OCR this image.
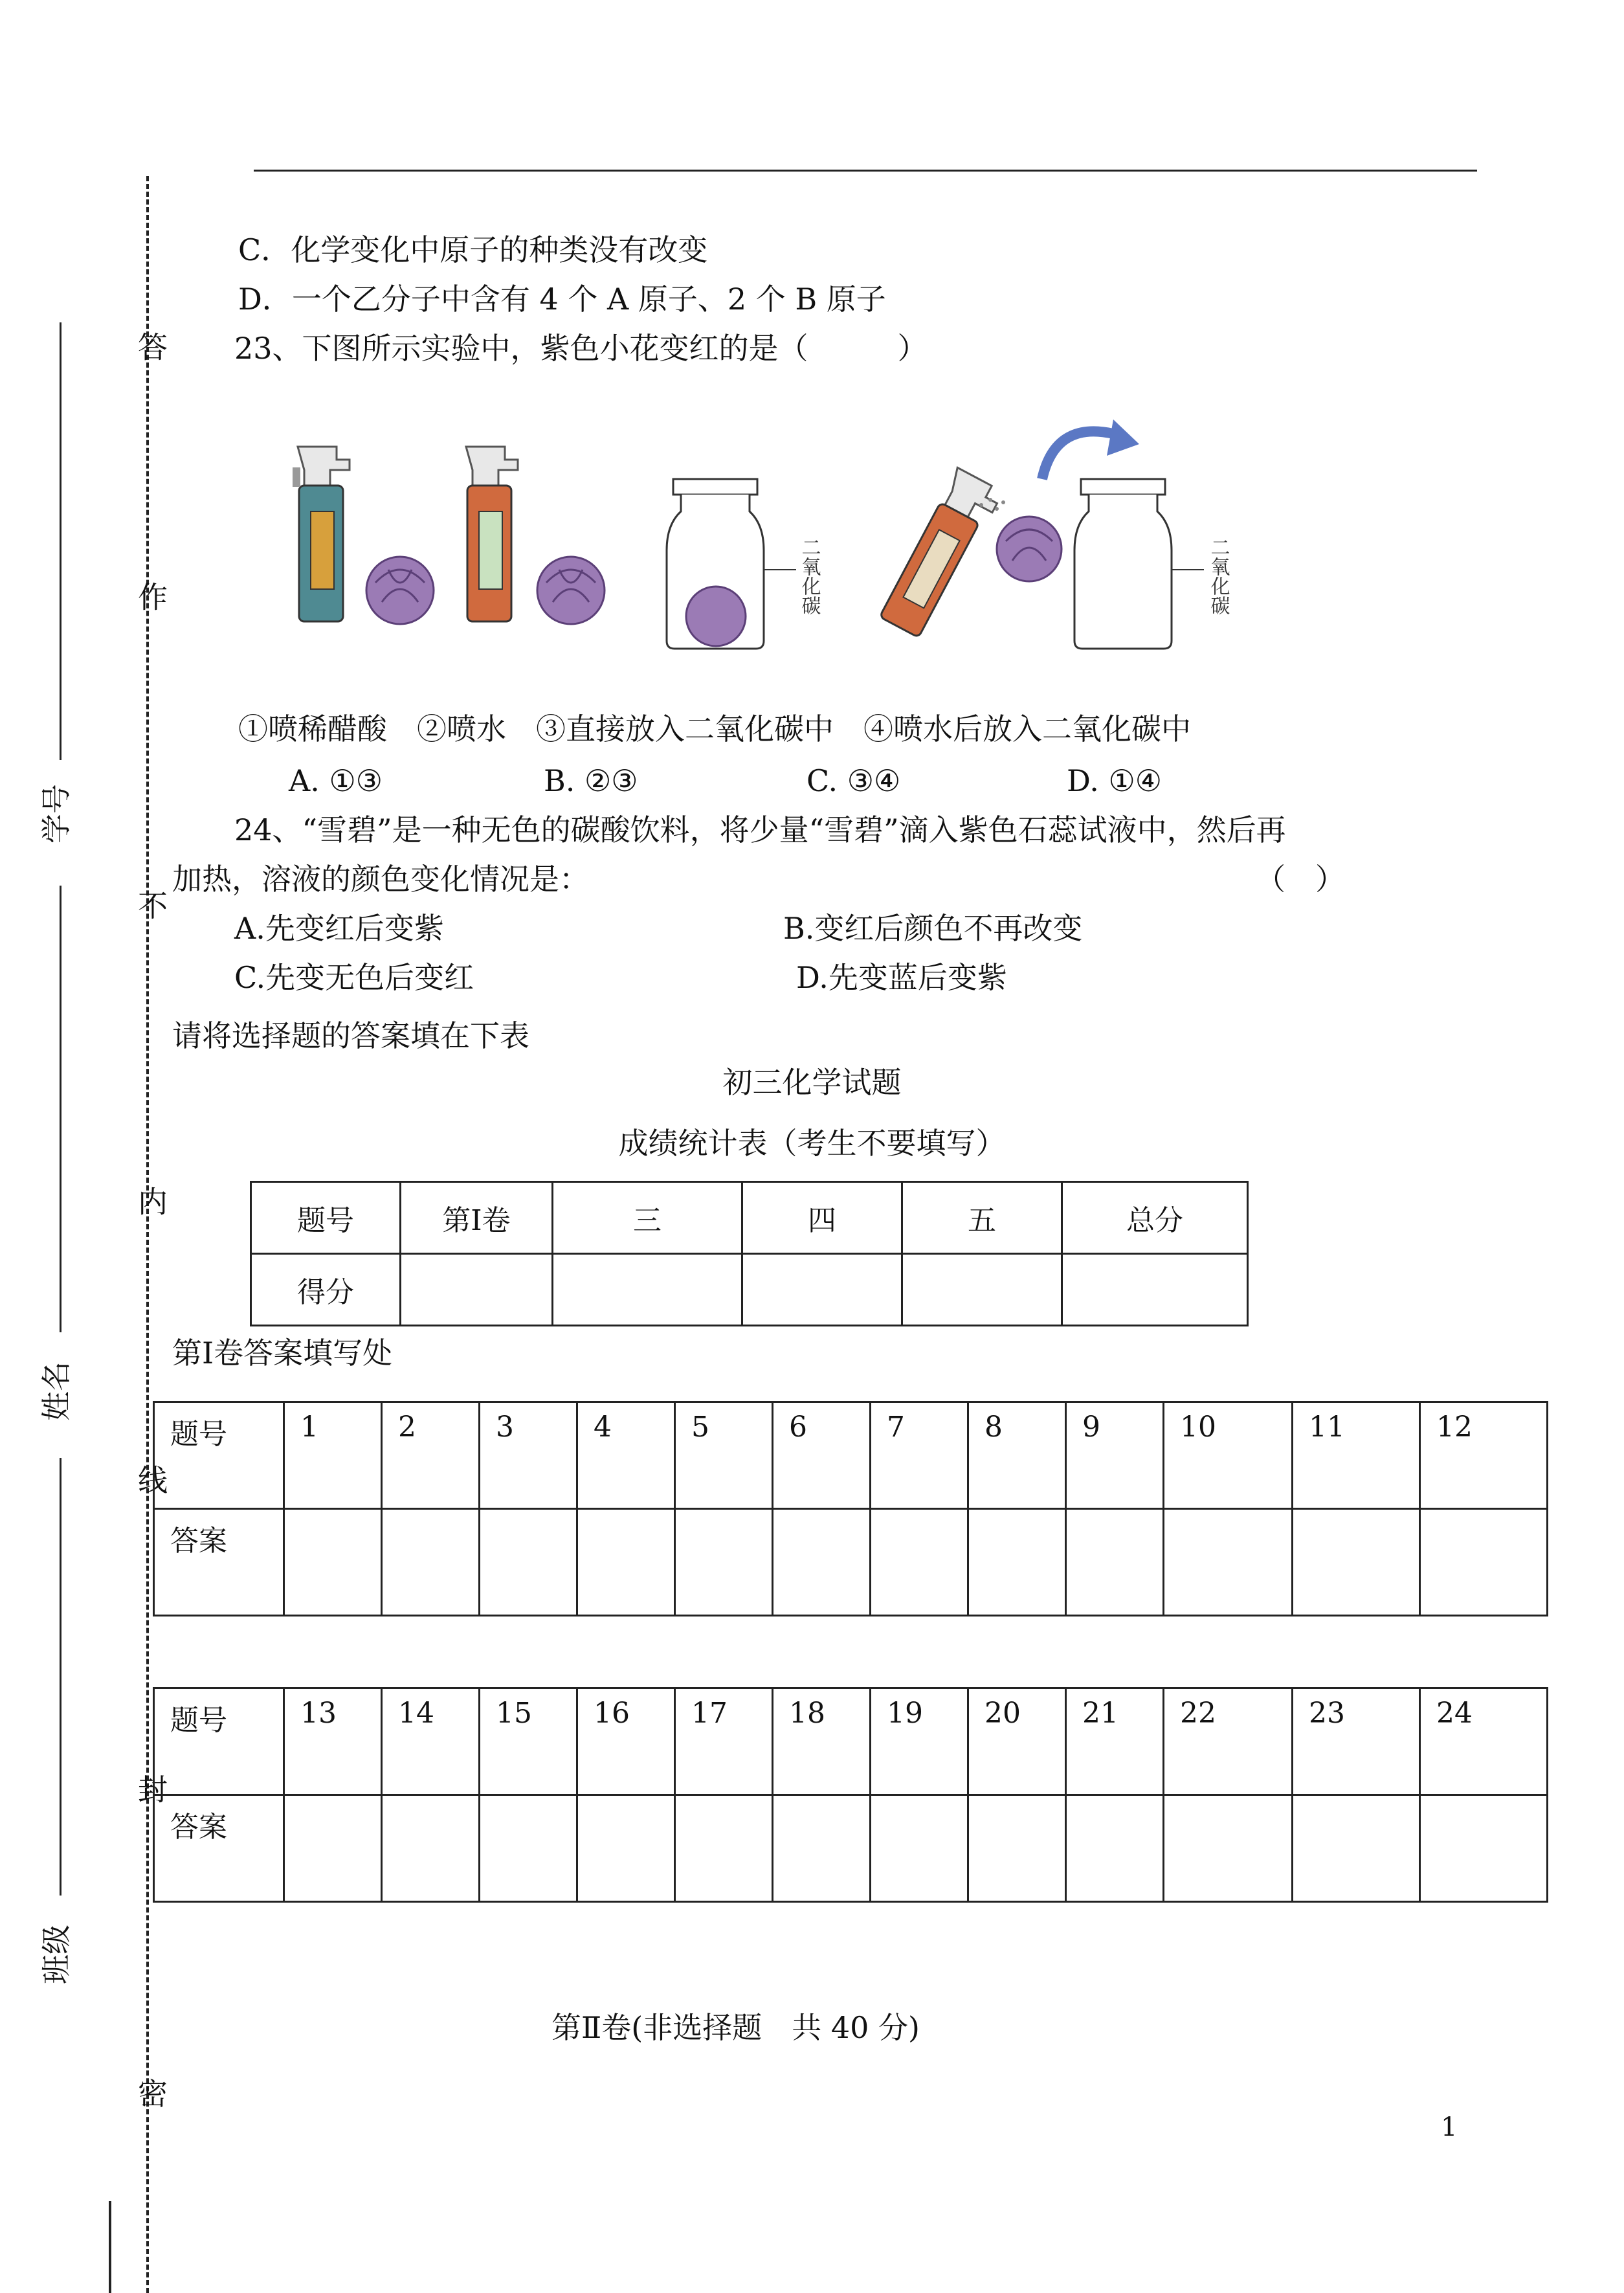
答
作
不
内
线
封
密
学号
姓名
班级
C．化学变化中原子的种类没有改变
D．一个乙分子中含有 4 个 A 原子、2 个 B 原子
23、下图所示实验中，紫色小花变红的是（　　　）
二氧化碳	二氧化碳
①喷稀醋酸　②喷水　③直接放入二氧化碳中　④喷水后放入二氧化碳中
A. ①③	B. ②③	C. ③④	D. ①④
24、“雪碧”是一种无色的碳酸饮料，将少量“雪碧”滴入紫色石蕊试液中，然后再
加热，溶液的颜色变化情况是：	（　）
A.先变红后变紫	B.变红后颜色不再改变
C.先变无色后变红	D.先变蓝后变紫
请将选择题的答案填在下表
初三化学试题
成绩统计表（考生不要填写）
题号	第Ⅰ卷	三	四	五	总分
得分					
第Ⅰ卷答案填写处
题号	1	2	3	4	5	6	7	8	9	10	11	12
答案												
题号	13	14	15	16	17	18	19	20	21	22	23	24
答案												
第Ⅱ卷(非选择题　共 40 分)
1
